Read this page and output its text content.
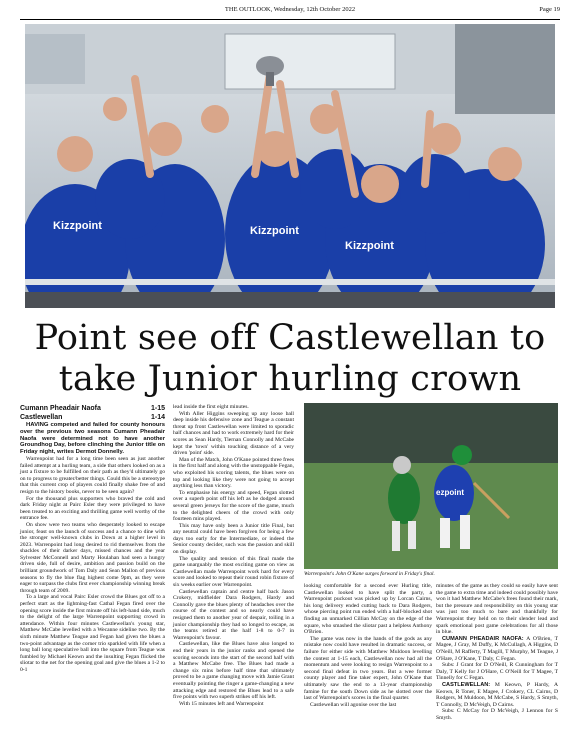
THE OUTLOOK, Wednesday, 12th October 2022	Page 19
Kizzpoint	Kizzpoint
Kizzpoint
Point see off Castlewellan to take Junior hurling crown
Cumann Pheadair Naofa	1-15
Castlewellan	1-14

HAVING competed and failed for county honours over the previous two seasons Cumann Pheadair Naofa were determined not to have another Groundhog Day, before clinching the Junior title on Friday night, writes Dermot Donnelly.

Warrenpoint had for a long time been seen as just another failed attempt at a hurling team, a side that others looked on as a just a fixture to be fulfilled on their path as they'd ultimately go on to progress to greater/better things. Could this be a stereotype that this current crop of players could finally shake free of and resign to the history books, never to be seen again?

For the thousand plus supporters who braved the cold and dark Friday night at Pairc Esler they were privileged to have been treated to an exciting and thrilling game well worthy of the entrance fee.

On show were two teams who desperately looked to escape junior, feast on the launch of success and a chance to dine with the stronger well-known clubs in Down at a higher level in 2023. Warrenpoint had long desired to rid themselves from the shackles of their darker days, missed chances and the year Sylvester McConnell and Marty Houlahan had seen a hungry driven side, full of desire, ambition and passion build on the brilliant groundwork of Tom Daly and Sean Mallon of previous seasons to fly the blue flag highest come 9pm, as they were eager to surpass the clubs first ever championship winning break through team of 2009.

To a large and vocal Pairc Esler crowd the Blues got off to a perfect start as the lightning-fast Cathal Fegan fired over the opening score inside the first minute off his left-hand side, much to the delight of the large Warrenpoint supporting crowd in attendance. Within four minutes Castlewellan's young star, Matthew McCabe levelled with a Wecanne sideline two. By the sixth minute Matthew Teague and Fegan had given the blues a two-point advantage as the corner trio sparkled with life when a long ball long speculative ball into the square from Teague was fumbled by Michael Keown and the insulting Fegan flicked the sliotar to the net for the opening goal and give the blues a 1-2 to 0-1

lead inside the first eight minutes.

With Aller Higgins sweeping up any loose ball deep inside his defensive zone and Teague a constant threat up front Castlewellan were limited to sporadic half chances and had to work extremely hard for their scores as Sean Hardy, Tiernan Connolly and McCabe kept the 'town' within touching distance of a very driven 'point' side.

Man of the Match, John O'Kane pointed three frees in the first half and along with the unstoppable Fegan, who exploited his scoring talents, the blues were on top and looking like they were not going to accept anything less than victory.

To emphasise his energy and speed, Fegan slotted over a superb point off his left as he dodged around several green jerseys for the score of the game, much to the delighted cheers of the crowd with only fourteen mins played.

This may have only been a Junior title Final, but any neutral could have been forgiven for being a few days too early for the Intermediate, or indeed the Senior county decider, such was the passion and skill on display.

The quality and tension of this final made the game unarguably the most exciting game on view as Castlewellan made Warrenpoint work hard for every score and looked to repeat their round robin fixture of six weeks earlier over Warrenpoint.

Castlewellan captain and centre half back Jason Crokery, midfielder Dara Rodgers, Hardy and Connolly gave the blues plenty of headaches over the course of the contest and so nearly could have resigned them to another year of despair, toiling in a junior championship they had so longed to escape, as the teams retired at the half 1-8 to 0-7 in Warrenpoint's favour.

Castlewellan, like the Blues have also longed to end their years in the junior ranks and opened the scoring seconds into the start of the second half with a Matthew McCabe free. The Blues had made a change six mins before half time that ultimately proved to be a game changing move with Jamie Grant eventually pointing the ringer a game-changing a new attacking edge and restored the Blues lead to a safe five points with two superb strikes off his left.

With 15 minutes left and Warrenpoint

ezpoint
Warrenpoint's John O'Kane surges forward in Friday's final.

looking comfortable for a second ever Hurling title, Castlewellan looked to have split the party, a Warrenpoint puckout was picked up by Lorcan Cairns, his long delivery ended cutting back to Dara Rodgers, whose piercing point run ended with a half-blocked shot finding an unmarked Cillian McCay on the edge of the square, who smashed the sliotar past a helpless Anthony O'Brien.

The game was now in the hands of the gods as any mistake now could have resulted in dramatic success, or failure for either side with Matthew Muldoon levelling the contest at 1-15 each, Castlewellan now had all the momentum and were looking to resign Warrenpoint to a second final defeat in two years. But a wee former county player and fine taker expert, John O'Kane that ultimately saw the end to a 13-year championship famine for the south Down side as he slotted over the last of Warrenpoint's scores in the final quarter.

Castlewellan will agonise over the last

minutes of the game as they could so easily have sent the game to extra time and indeed could possibly have won it had Matthew McCabe's frees found their mark, but the pressure and responsibility on this young star was just too much to bare and thankfully for Warrenpoint they held on to their slender lead and spark emotional post game celebrations for all those in blue.

CUMANN PHEADAIR NAOFA: A O'Brien, T Magee, J Gray, M Duffy, K McCullagh, A Higgins, D O'Neill, M Rafferty, T Magill, T Murphy, M Teague, J O'Hare, J O'Kane, T Daly, C Fegan.

Subs: J Grant for D O'Neill, R Cunningham for T Daly, T Kelly for J O'Hare, C O'Neill for T Magee, T Tinnelly for C Fegan.

CASTLEWELLAN: M Keown, P Hardy, A Keown, R Toner, E Magee, J Crokery, CL Cairns, D Rodgers, M Muldoon, M McCabe, S Hardy, S Smyth, T Connolly, D McVeigh, D Cairns.

Subs: C McCay for D McVeigh, J Lennon for S Smyth.
